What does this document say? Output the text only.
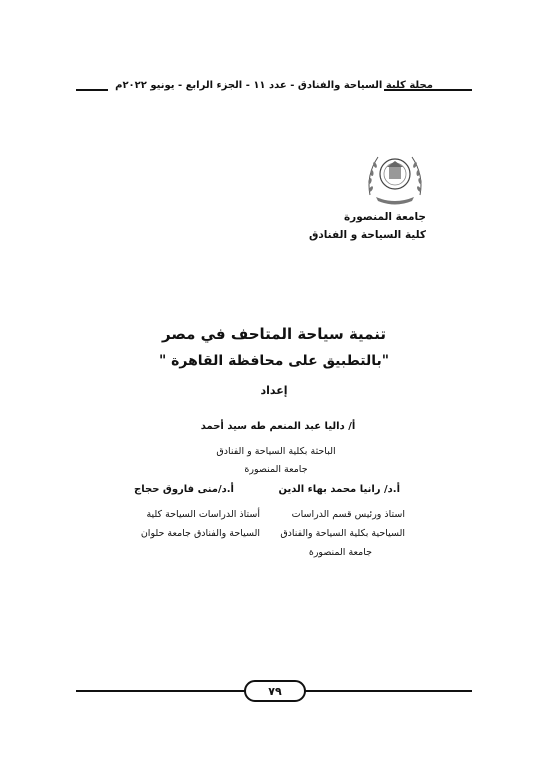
مجلة كلية السياحة والفنادق - عدد ١١ - الجزء الرابع - يونيو ٢٠٢٢م
جامعة المنصورة
كلية السياحة و الفنادق
تنمية سياحة المتاحف في مصر
"بالتطبيق على محافظة القاهرة "
إعداد
أ/ داليا عبد المنعم طه سيد أحمد
الباحثة بكلية السياحة و الفنادق
جامعة المنصورة
أ.د/ رانيا محمد بهاء الدين
استاذ ورئيس قسم الدراسات
السياحية بكلية السياحة والفنادق
جامعة المنصورة
أ.د/منى فاروق حجاج
أستاذ الدراسات السياحة كلية
السياحة والفنادق جامعة حلوان
٧٩
